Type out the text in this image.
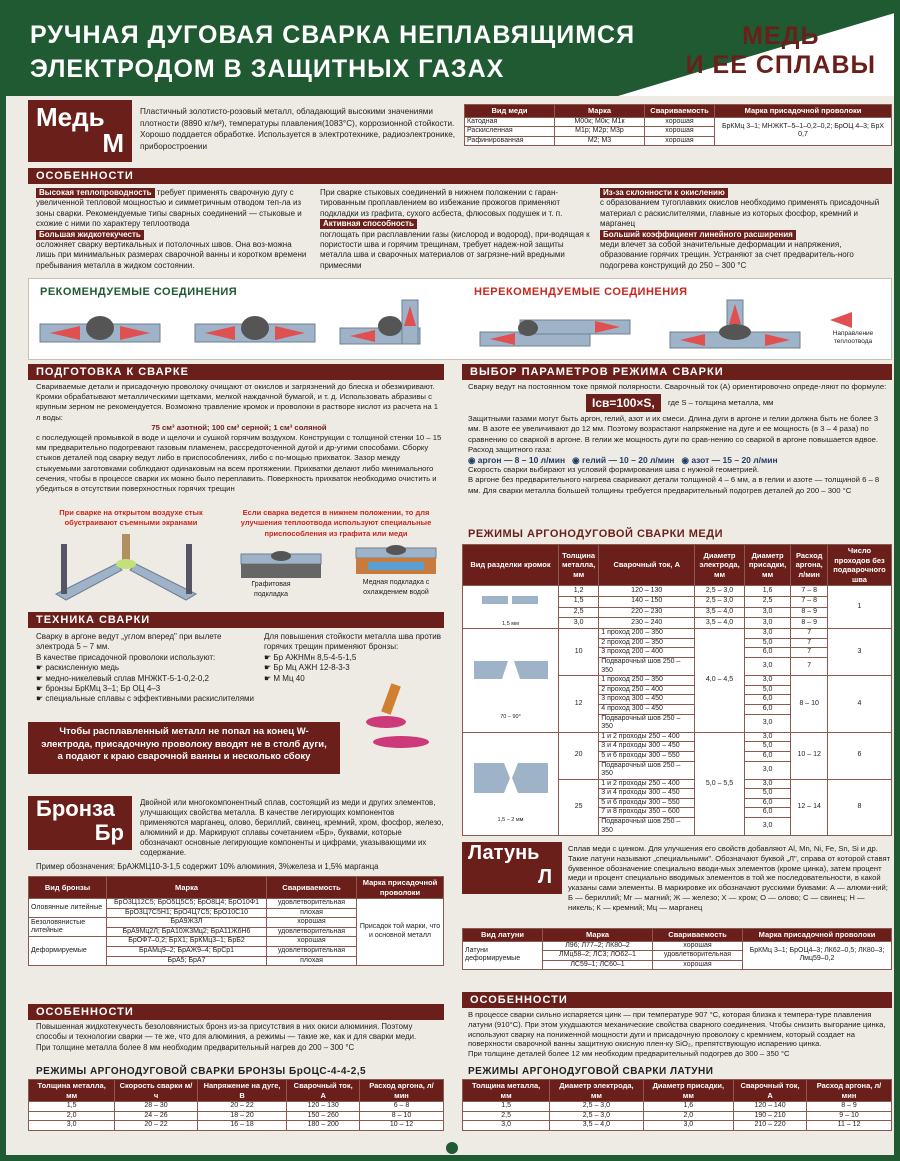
РУЧНАЯ ДУГОВАЯ СВАРКА НЕПЛАВЯЩИМСЯ
ЭЛЕКТРОДОМ В ЗАЩИТНЫХ ГАЗАХ
МЕДЬ
И ЕЕ СПЛАВЫ
Медь
М
Пластичный золотисто-розовый металл, обладающий высокими значениями плотности (8890 кг/м³), температуры плавления(1083°С), коррозионной стойкости. Хорошо поддается обработке. Используется в электротехнике, радиоэлектронике, приборостроении
Вид меди	Марка	Свариваемость	Марка присадочной проволоки
Катодная	М00к; М0к; М1к	хорошая	БрКМц 3–1; МНЖКТ–5–1–0,2–0,2; БрОЦ 4–3; БрХ 0,7
Раскисленная	М1р; М2р; М3р	хорошая	
Рафинированная	М2; М3	хорошая	
ОСОБЕННОСТИ
Высокая теплопроводность требует применять сварочную дугу с увеличенной тепловой мощностью и симметричным отводом теп-ла из зоны сварки. Рекомендуемые типы сварных соединений — стыковые и схожие с ними по характеру теплоотвода
Большая жидкотекучесть
осложняет сварку вертикальных и потолочных швов. Она воз-можна лишь при минимальных размерах сварочной ванны и коротком времени пребывания металла в жидком состоянии.
При сварке стыковых соединений в нижнем положении с гаран-тированным проплавлением во избежание прожогов применяют подкладки из графита, сухого асбеста, флюсовых подушек и т. п.
Активная способность
поглощать при расплавлении газы (кислород и водород), при-водящая к пористости шва и горячим трещинам, требует надеж-ной защиты металла шва и сварочных материалов от загрязне-ний вредными примесями
Из-за склонности к окислению
с образованием тугоплавких окислов необходимо применять присадочный материал с раскислителями, главные из которых фосфор, кремний и марганец
Больший коэффициент линейного расширения
меди влечет за собой значительные деформации и напряжения, образование горячих трещин. Устраняют за счет предваритель-ного подогрева конструкций до 250 – 300 °С
РЕКОМЕНДУЕМЫЕ СОЕДИНЕНИЯ	НЕРЕКОМЕНДУЕМЫЕ СОЕДИНЕНИЯ
Направление теплоотвода
ПОДГОТОВКА К СВАРКЕ
Свариваемые детали и присадочную проволоку очищают от окислов и загрязнений до блеска и обезжиривают. Кромки обрабатывают металлическими щетками, мелкой наждачной бумагой, и т. д. Использовать абразивы с крупным зерном не рекомендуется. Возможно травление кромок и проволоки в растворе кислот из расчета на 1 л воды:
75 см³ азотной; 100 см³ серной; 1 см³ соляной
с последующей промывкой в воде и щелочи и сушкой горячим воздухом. Конструкции с толщиной стенки 10 – 15 мм предварительно подогревают газовым пламенем, рассредоточенной дугой и др-угими способами. Сборку стыков деталей под сварку ведут либо в приспособлениях, либо с по-мощью прихваток. Зазор между стыкуемыми заготовками соблюдают одинаковым на всем протяжении. Прихватки делают либо минимального сечения, чтобы в процессе сварки их можно было переплавить. Поверхность прихваток необходимо очистить и убедиться в отсутствии поверхностных горячих трещин
При сварке на открытом воздухе стык обустраивают съемными экранами
Если сварка ведется в нижнем положении, то для улучшения теплоотвода используют специальные приспособления из графита или меди
Графитовая подкладка
Медная подкладка с охлаждением водой
ТЕХНИКА СВАРКИ
Сварку в аргоне ведут „углом вперед" при вылете электрода 5 – 7 мм.
В качестве присадочной проволоки используют:
☛ раскисленную медь
☛ медно-никелевый сплав МНЖКТ-5-1-0,2-0,2
☛ бронзы БрКМц 3–1; Бр ОЦ 4–3
☛ специальные сплавы с эффективными раскислителями
Для повышения стойкости металла шва против горячих трещин применяют бронзы:
☛ Бр АЖНМн 8,5-4-5-1,5
☛ Бр Мц АЖН 12-8-3-3
☛ М Мц 40
Чтобы расплавленный металл не попал на конец W-электрода, присадочную проволоку вводят не в столб дуги, а подают к краю сварочной ванны и несколько сбоку
ВЫБОР ПАРАМЕТРОВ РЕЖИМА СВАРКИ
Сварку ведут на постоянном токе прямой полярности. Сварочный ток (А) ориентировочно опреде-ляют по формуле:
Iсв=100×S,	где S – толщина металла, мм
Защитными газами могут быть аргон, гелий, азот и их смеси. Длина дуги в аргоне и гелии должна быть не более 3 мм. В азоте ее увеличивают до 12 мм. Поэтому возрастают напряжение на дуге и ее мощность (в 3 – 4 раза) по сравнению со сваркой в аргоне. В гелии же мощность дуги по срав-нению со сваркой в аргоне повышается вдвое.
Расход защитного газа:
◉ аргон — 8 – 10 л/мин   ◉ гелий — 10 – 20 л/мин   ◉ азот — 15 – 20 л/мин
Скорость сварки выбирают из условий формирования шва с нужной геометрией.
В аргоне без предварительного нагрева сваривают детали толщиной 4 – 6 мм, а в гелии и азоте — толщиной 6 – 8 мм. Для сварки металла большей толщины требуется предварительный подогрев деталей до 200 – 300 °С
РЕЖИМЫ АРГОНОДУГОВОЙ СВАРКИ МЕДИ
Вид разделки кромок	Толщина металла, мм	Сварочный ток, А	Диаметр электрода, мм	Диаметр присадки, мм	Расход аргона, л/мин	Число проходов без подварочного шва

1,5 мм	1,2	120 – 130	2,5 – 3,0	1,6	7 – 8	1
	1,5	140 – 150	2,5 – 3,0	2,5	7 – 8	
	2,5	220 – 230	3,5 – 4,0	3,0	8 – 9	
	3,0	230 – 240	3,5 – 4,0	3,0	8 – 9	

70 – 90°	10	1 проход 200 – 350	4,0 – 4,5	3,0	7	3
		2 проход 200 – 350		5,0	7	
		3 проход 200 – 400		6,0	7	
		Подварочный шов 250 – 350		3,0	7	
	12	1 проход 250 – 350		3,0	8 – 10	4
		2 проход 250 – 400		5,0		
		3 проход 300 – 450		6,0		
		4 проход 300 – 450		6,0		
		Подварочный шов 250 – 350		3,0		

1,5 – 2 мм	20	1 и 2 проходы 250 – 400	5,0 – 5,5	3,0	10 – 12	6
		3 и 4 проходы 300 – 450		5,0		
		5 и 6 проходы 300 – 550		6,0		
		Подварочный шов 250 – 350		3,0		
	25	1 и 2 проходы 250 – 400		3,0	12 – 14	8
		3 и 4 проходы 300 – 450		5,0		
		5 и 6 проходы 300 – 550		6,0		
		7 и 8 проходы 350 – 600		6,0		
		Подварочный шов 250 – 350		3,0		
Бронза
Бр
Двойной или многокомпонентный сплав, состоящий из меди и других элементов, улучшающих свойства металла. В качестве легирующих компонентов применяются марганец, олово, бериллий, свинец, кремний, хром, фосфор, железо, алюминий и др. Маркируют сплавы сочетанием «Бр», буквами, которые обозначают основные легирующие компоненты и цифрами, указывающими их содержание.
Пример обозначения: БрАЖМЦ10-3-1,5 содержит 10% алюминия, 3%железа и 1,5% марганца
Вид бронзы	Марка	Свариваемость	Марка присадочной проволоки
Оловянные литейные	БрО3Ц12С5; БрО5Ц5С5; БрО8Ц4; БрО10Ф1	удовлетворительная	Присадок той марки, что и основной металл
	БрО3Ц7С5Н1; БрО4Ц7С5; БрО10С10	плохая	
Безоловянистые литейные	БрА9Ж3Л	хорошая	
	БрА9Мц2Л; БрА10Ж3Мц2; БрА11Ж6Н6	удовлетворительная	
Деформируемые	БрОФ7–0,2; БрХ1; БрКМц3–1; БрБ2	хорошая	
	БрАМц9–2; БрАЖ9–4; БрСр1	удовлетворительная	
	БрА5; БрА7	плохая	
ОСОБЕННОСТИ
Повышенная жидкотекучесть безоловянистых бронз из-за присутствия в них окиси алюминия. Поэтому способы и технологии сварки — те же, что для алюминия, а режимы — такие же, как и для сварки меди.
При толщине металла более 8 мм необходим предварительный нагрев до 200 – 300 °С
РЕЖИМЫ АРГОНОДУГОВОЙ СВАРКИ БРОНЗЫ БрОЦС-4-4-2,5
Толщина металла, мм	Скорость сварки м/ч	Напряжение на дуге, В	Сварочный ток, А	Расход аргона, л/мин
1,5	28 – 30	20 – 22	120 – 130	6 – 8
2,0	24 – 26	18 – 20	150 – 260	8 – 10
3,0	20 – 22	16 – 18	180 – 200	10 – 12
Латунь
Л
Сплав меди с цинком. Для улучшения его свойств добавляют Al, Mn, Ni, Fe, Sn, Si и др. Такие латуни называют „специальными". Обозначают буквой „Л", справа от которой ставят буквенное обозначение специально вводи-мых элементов (кроме цинка), затем процент меди и процент специально вводимых элементов в той же последовательности, в какой указаны сами элементы. В маркировке их обозначают русскими буквами: А — алюми-ний; Б — бериллий; Мг — магний; Ж — железо; Х — хром; О — олово; С — свинец; Н — никель; К — кремний; Мц — марганец
Вид латуни	Марка	Свариваемость	Марка присадочной проволоки
Латуни деформируемые	Л96; Л77–2; ЛК80–2	хорошая	БрКМц 3–1; БрОЦ4–3; ЛК62–0,5; ЛК80–3; Лмц59–0,2
	ЛМц58–2; ЛС3; ЛО62–1	удовлетворительная	
	ЛС59–1; ЛС60–1	хорошая	
ОСОБЕННОСТИ
В процессе сварки сильно испаряется цинк — при температуре 907 °С, которая близка к темпера-туре плавления латуни (910°С). При этом ухудшаются механические свойства сварного соединения. Чтобы снизить выгорание цинка, используют сварку на пониженной мощности дуги и присадочную проволоку с кремнием, который создает на поверхности сварочной ванны защитную окисную плен-ку SiO₂, препятствующую испарению цинка.
При толщине деталей более 12 мм необходим предварительный подогрев до 300 – 350 °С
РЕЖИМЫ АРГОНОДУГОВОЙ СВАРКИ ЛАТУНИ
Толщина металла, мм	Диаметр электрода, мм	Диаметр присадки, мм	Сварочный ток, А	Расход аргона, л/мин
1,5	2,5 – 3,0	1,6	120 – 140	8 – 9
2,5	2,5 – 3,0	2,0	190 – 210	9 – 10
3,0	3,5 – 4,0	3,0	210 – 220	11 – 12
